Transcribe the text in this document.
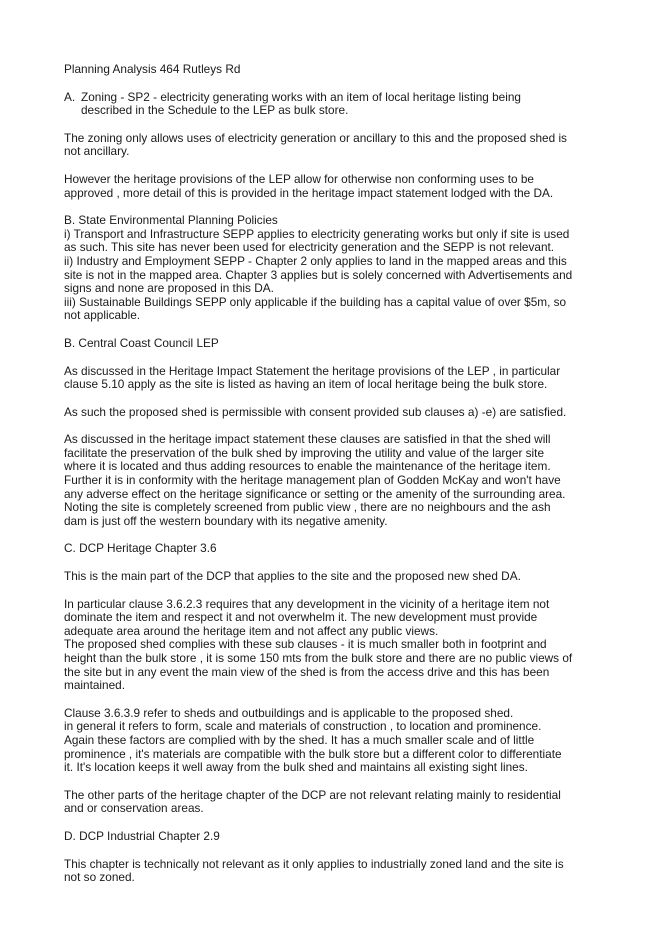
Planning Analysis 464 Rutleys Rd

A. Zoning - SP2 - electricity generating works with an item of local heritage listing being
described in the Schedule to the LEP as bulk store.

The zoning only allows uses of electricity generation or ancillary to this and the proposed shed is
not ancillary.

However the heritage provisions of the LEP allow for otherwise non conforming uses to be
approved , more detail of this is provided in the heritage impact statement lodged with the DA.

B. State Environmental Planning Policies
i) Transport and Infrastructure SEPP applies to electricity generating works but only if site is used
as such. This site has never been used for electricity generation and the SEPP is not relevant.
ii) Industry and Employment SEPP - Chapter 2 only applies to land in the mapped areas and this
site is not in the mapped area. Chapter 3 applies but is solely concerned with Advertisements and
signs and none are proposed in this DA.
iii) Sustainable Buildings SEPP only applicable if the building has a capital value of over $5m, so
not applicable.

B. Central Coast Council LEP

As discussed in the Heritage Impact Statement the heritage provisions of the LEP , in particular
clause 5.10 apply as the site is listed as having an item of local heritage being the bulk store.

As such the proposed shed is permissible with consent provided sub clauses a) -e) are satisfied.

As discussed in the heritage impact statement these clauses are satisfied in that the shed will
facilitate the preservation of the bulk shed by improving the utility and value of the larger site
where it is located and thus adding resources to enable the maintenance of the heritage item.
Further it is in conformity with the heritage management plan of Godden McKay and won't have
any adverse effect on the heritage significance or setting or the amenity of the surrounding area.
Noting the site is completely screened from public view , there are no neighbours and the ash
dam is just off the western boundary with its negative amenity.

C. DCP Heritage Chapter 3.6

This is the main part of the DCP that applies to the site and the proposed new shed DA.

In particular clause 3.6.2.3 requires that any development in the vicinity of a heritage item not
dominate the item and respect it and not overwhelm it. The new development must provide
adequate area around the heritage item and not affect any public views.
The proposed shed complies with these sub clauses - it is much smaller both in footprint and
height than the bulk store , it is some 150 mts from the bulk store and there are no public views of
the site but in any event the main view of the shed is from the access drive and this has been
maintained.

Clause 3.6.3.9 refer to sheds and outbuildings and is applicable to the proposed shed.
in general it refers to form, scale and materials of construction , to location and prominence.
Again these factors are complied with by the shed. It has a much smaller scale and of little
prominence , it's materials are compatible with the bulk store but a different color to differentiate
it. It's location keeps it well away from the bulk shed and maintains all existing sight lines.

The other parts of the heritage chapter of the DCP are not relevant relating mainly to residential
and or conservation areas.

D. DCP Industrial Chapter 2.9

This chapter is technically not relevant as it only applies to industrially zoned land and the site is
not so zoned.
